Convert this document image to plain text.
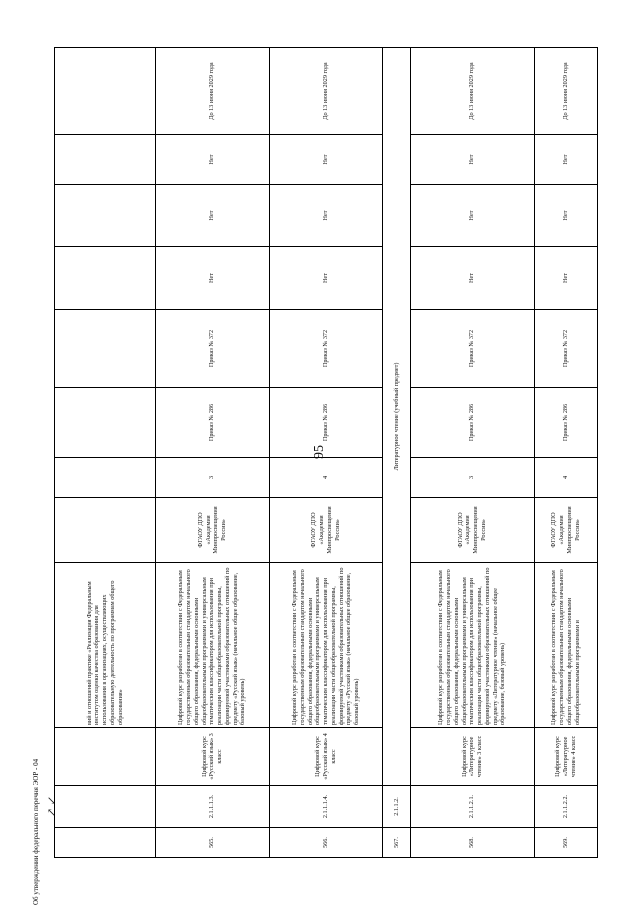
95
↗ ↙
Об утверждении федерального перечня ЭОР - 04
			вий и отношений практике «Реализация Федеральным институтом оценки качества образования для использования в организациях, осуществляющих образовательную деятельность по программам общего образования»								
565.	2.1.1.1.3.	Цифровой курс «Русский язык» 3 класс	Цифровой курс разработан в соответствии с Федеральным государственным образовательным стандартом начального общего образования, федеральными основными общеобразовательными программами и универсальным тематическим классификатором для использования при реализации части общеобразовательной программы, формируемой участниками образовательных отношений по предмету «Русский язык» (начальное общее образование, базовый уровень)	ФГАОУ ДПО «Академия Минпросвещения России»	3	Приказ № 286	Приказ № 372	Нет	Нет	Нет	До 13 июня 2029 года
566.	2.1.1.1.4.	Цифровой курс «Русский язык» 4 класс	Цифровой курс разработан в соответствии с Федеральным государственным образовательным стандартом начального общего образования, федеральными основными общеобразовательными программами и универсальным тематическим классификатором для использования при реализации части общеобразовательной программы, формируемой участниками образовательных отношений по предмету «Русский язык» (начальное общее образование, базовый уровень)	ФГАОУ ДПО «Академия Минпросвещения России»	4	Приказ № 286	Приказ № 372	Нет	Нет	Нет	До 13 июня 2029 года
567.	2.1.1.2.	Литературное чтение (учебный предмет)									
568.	2.1.1.2.1.	Цифровой курс «Литературное чтение» 3 класс	Цифровой курс разработан в соответствии с Федеральным государственным образовательным стандартом начального общего образования, федеральными основными общеобразовательными программами и универсальным тематическим классификатором для использования при реализации части общеобразовательной программы, формируемой участниками образовательных отношений по предмету «Литературное чтение» (начальное общее образование, базовый уровень)	ФГАОУ ДПО «Академия Минпросвещения России»	3	Приказ № 286	Приказ № 372	Нет	Нет	Нет	До 13 июня 2029 года
569.	2.1.1.2.2.	Цифровой курс «Литературное чтение» 4 класс	Цифровой курс разработан в соответствии с Федеральным государственным образовательным стандартом начального общего образования, федеральными основными общеобразовательными программами и	ФГАОУ ДПО «Академия Минпросвещения России»	4	Приказ № 286	Приказ № 372	Нет	Нет	Нет	До 13 июня 2029 года
